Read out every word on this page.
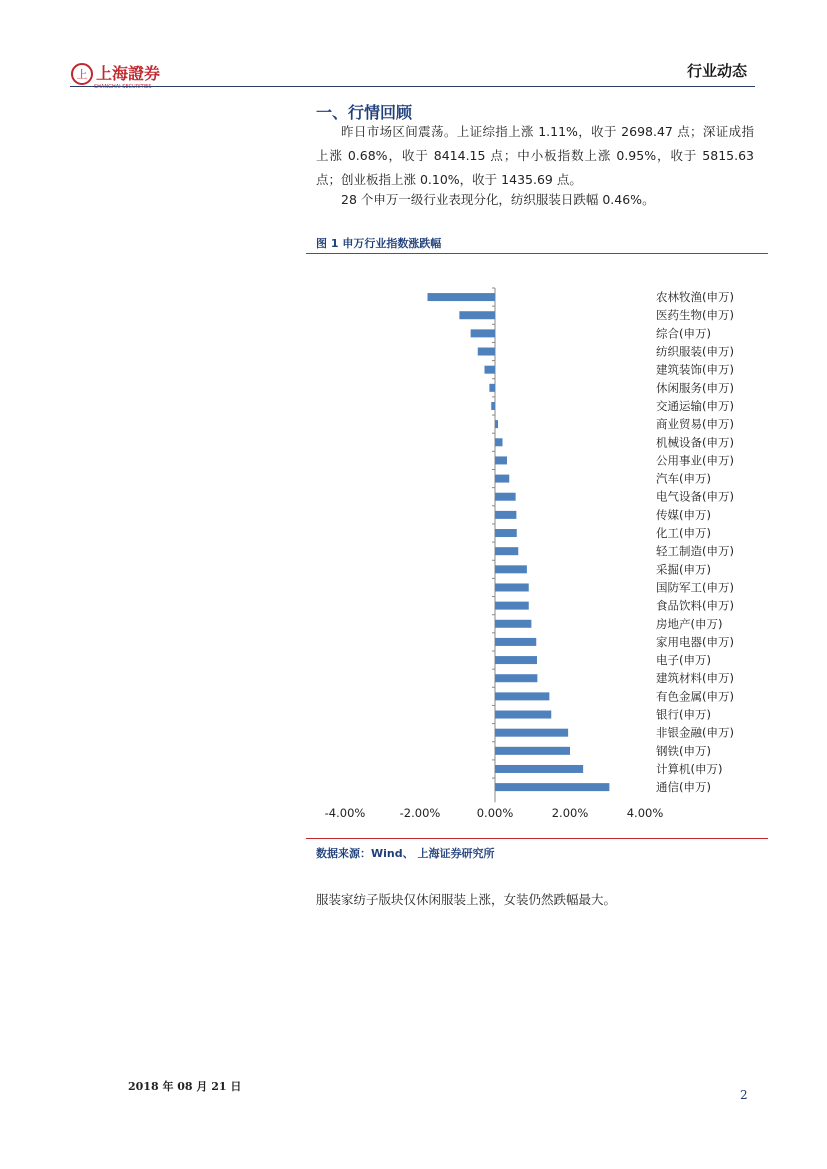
上 上海證券
SHANGHAI SECURITIES
行业动态
一、行情回顾
昨日市场区间震荡。上证综指上涨 1.11%，收于 2698.47 点；深证成指上涨 0.68%，收于 8414.15 点；中小板指数上涨 0.95%，收于 5815.63 点；创业板指上涨 0.10%，收于 1435.69 点。
28 个申万一级行业表现分化，纺织服装日跌幅 0.46%。
图 1 申万行业指数涨跌幅
农林牧渔(申万)
医药生物(申万)
综合(申万)
纺织服装(申万)
建筑装饰(申万)
休闲服务(申万)
交通运输(申万)
商业贸易(申万)
机械设备(申万)
公用事业(申万)
汽车(申万)
电气设备(申万)
传媒(申万)
化工(申万)
轻工制造(申万)
采掘(申万)
国防军工(申万)
食品饮料(申万)
房地产(申万)
家用电器(申万)
电子(申万)
建筑材料(申万)
有色金属(申万)
银行(申万)
非银金融(申万)
钢铁(申万)
计算机(申万)
通信(申万)
-4.00%	-2.00%	0.00%	2.00%	4.00%
数据来源：Wind、 上海证券研究所
服装家纺子版块仅休闲服装上涨，女装仍然跌幅最大。
2018 年 08 月 21 日
2
